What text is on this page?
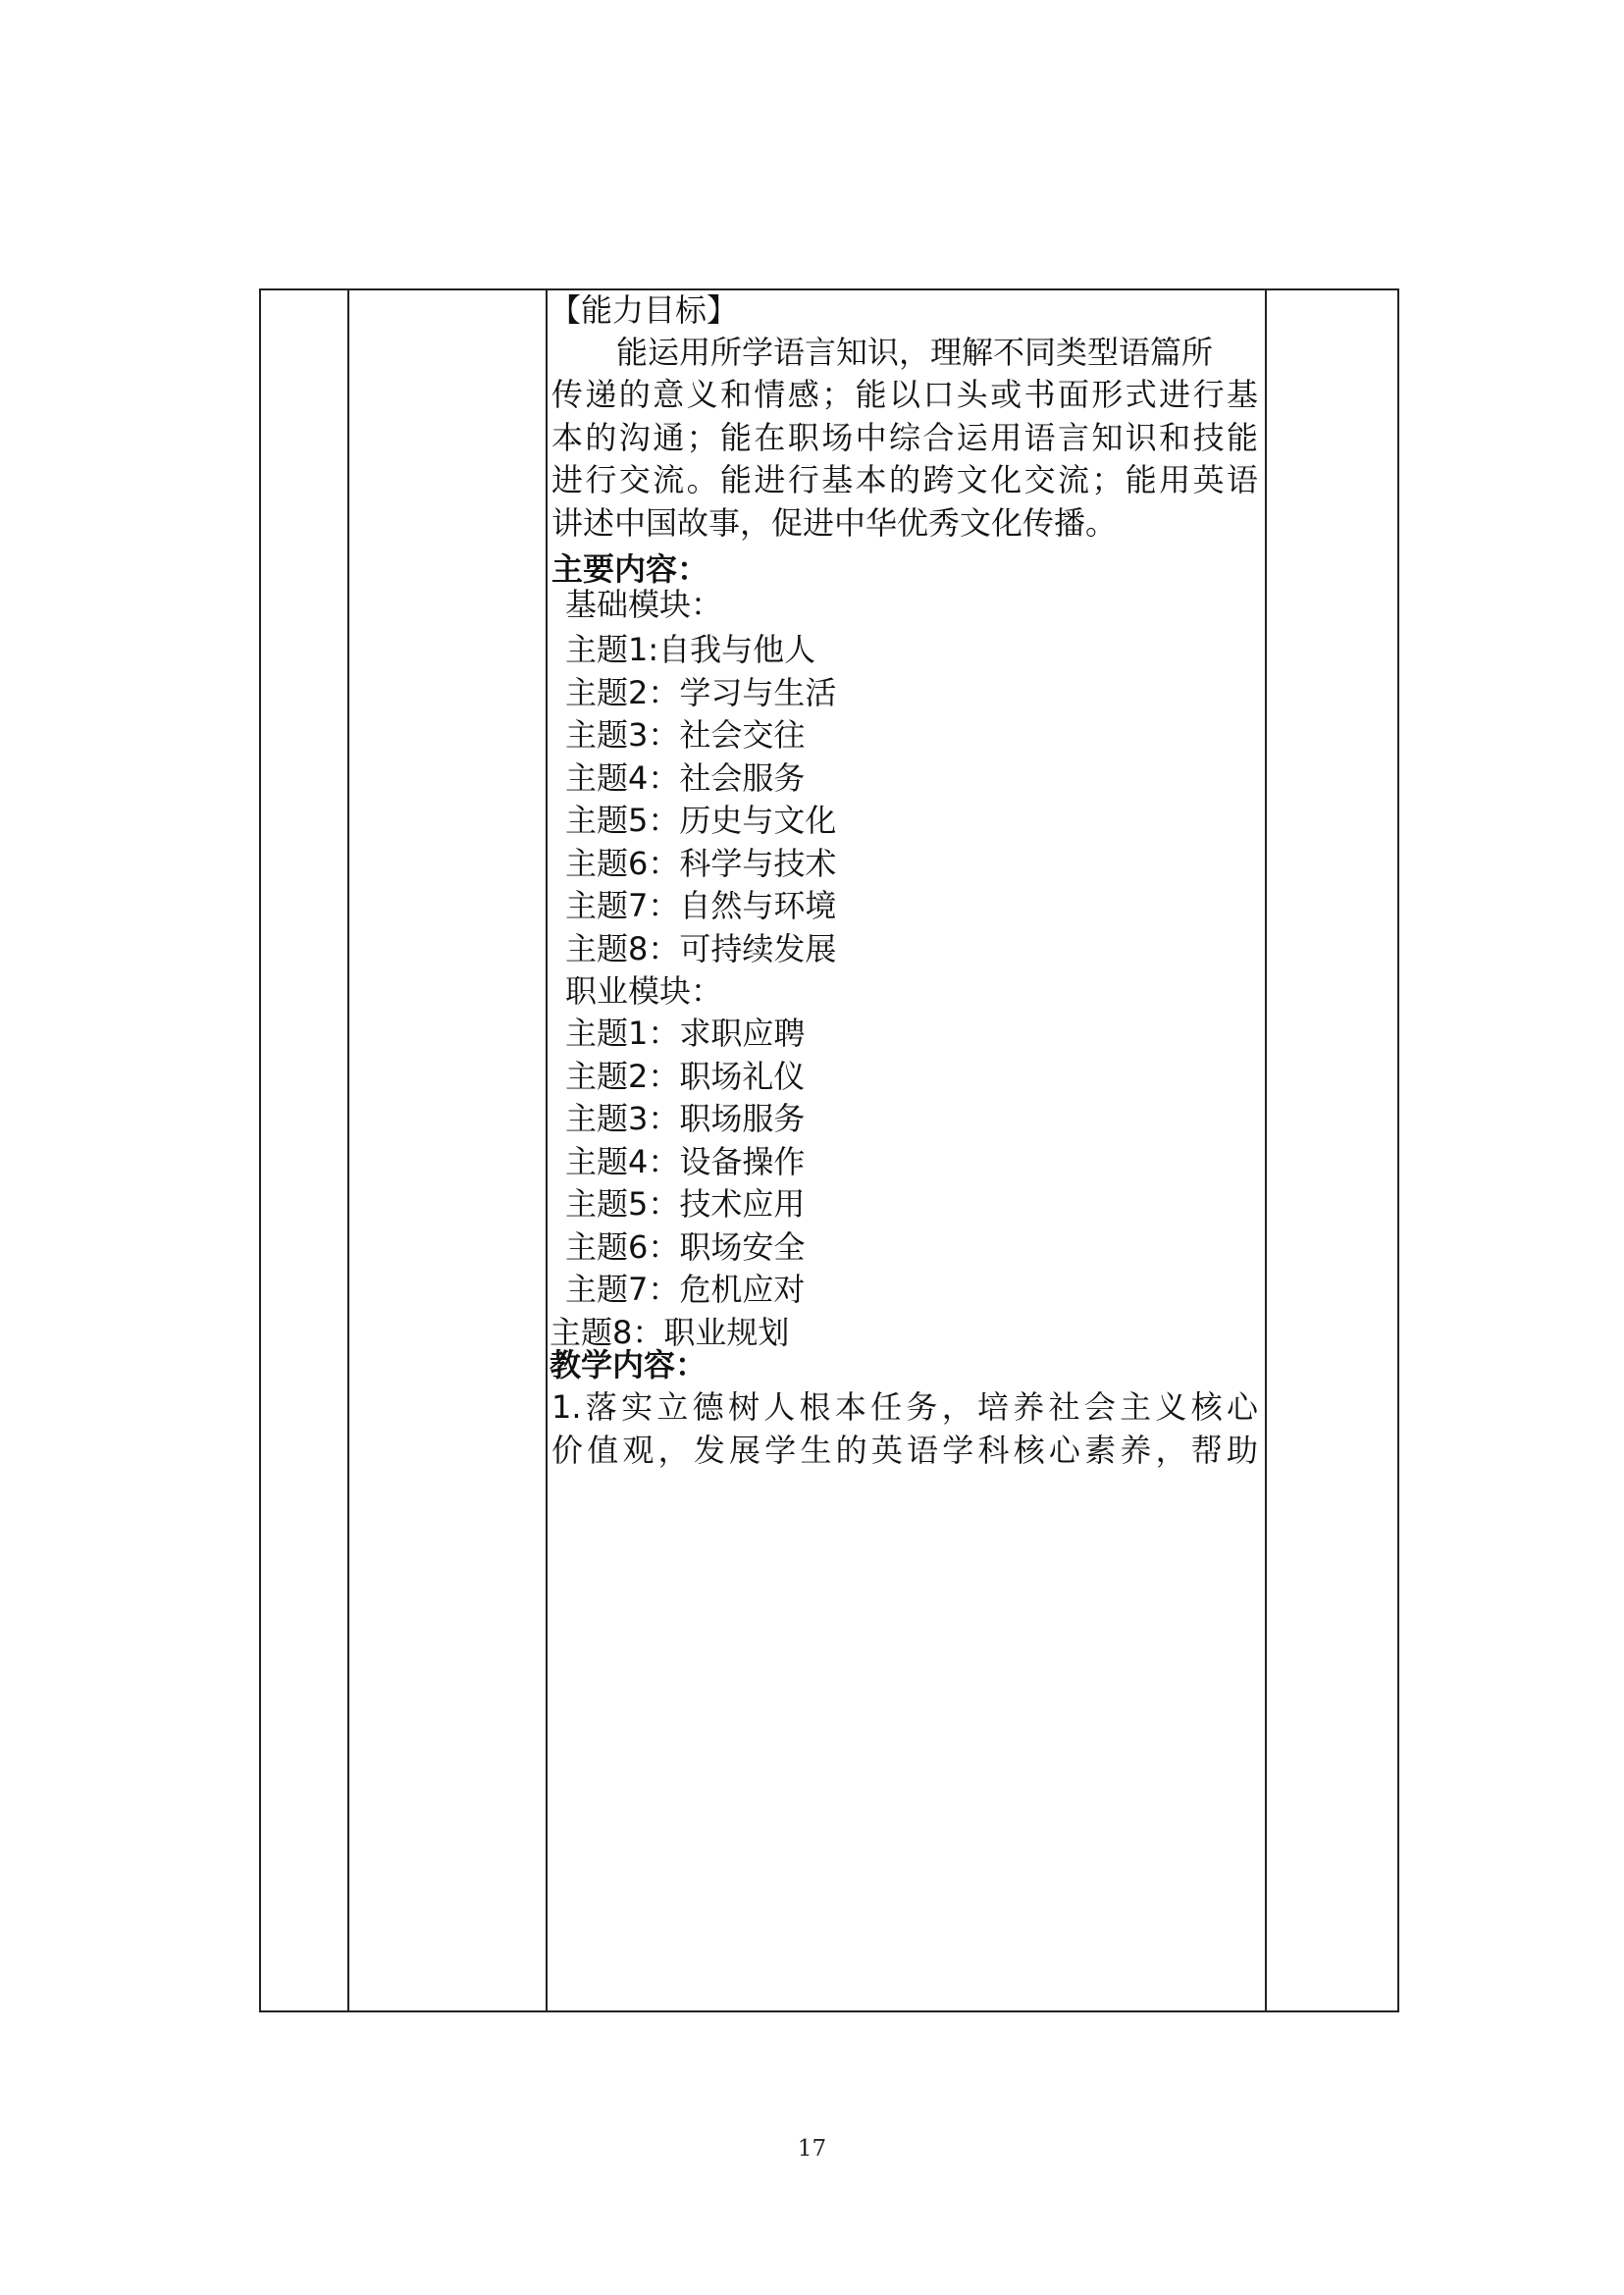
【能力目标】
能运用所学语言知识，理解不同类型语篇所
传递的意义和情感；能以口头或书面形式进行基
本的沟通；能在职场中综合运用语言知识和技能
进行交流。能进行基本的跨文化交流；能用英语
讲述中国故事，促进中华优秀文化传播。
主要内容：
基础模块：
主题1:自我与他人
主题2：学习与生活
主题3：社会交往
主题4：社会服务
主题5：历史与文化
主题6：科学与技术
主题7：自然与环境
主题8：可持续发展
职业模块：
主题1：求职应聘
主题2：职场礼仪
主题3：职场服务
主题4：设备操作
主题5：技术应用
主题6：职场安全
主题7：危机应对
主题8：职业规划
教学内容：
1.落实立德树人根本任务，培养社会主义核心
价值观，发展学生的英语学科核心素养，帮助
17
